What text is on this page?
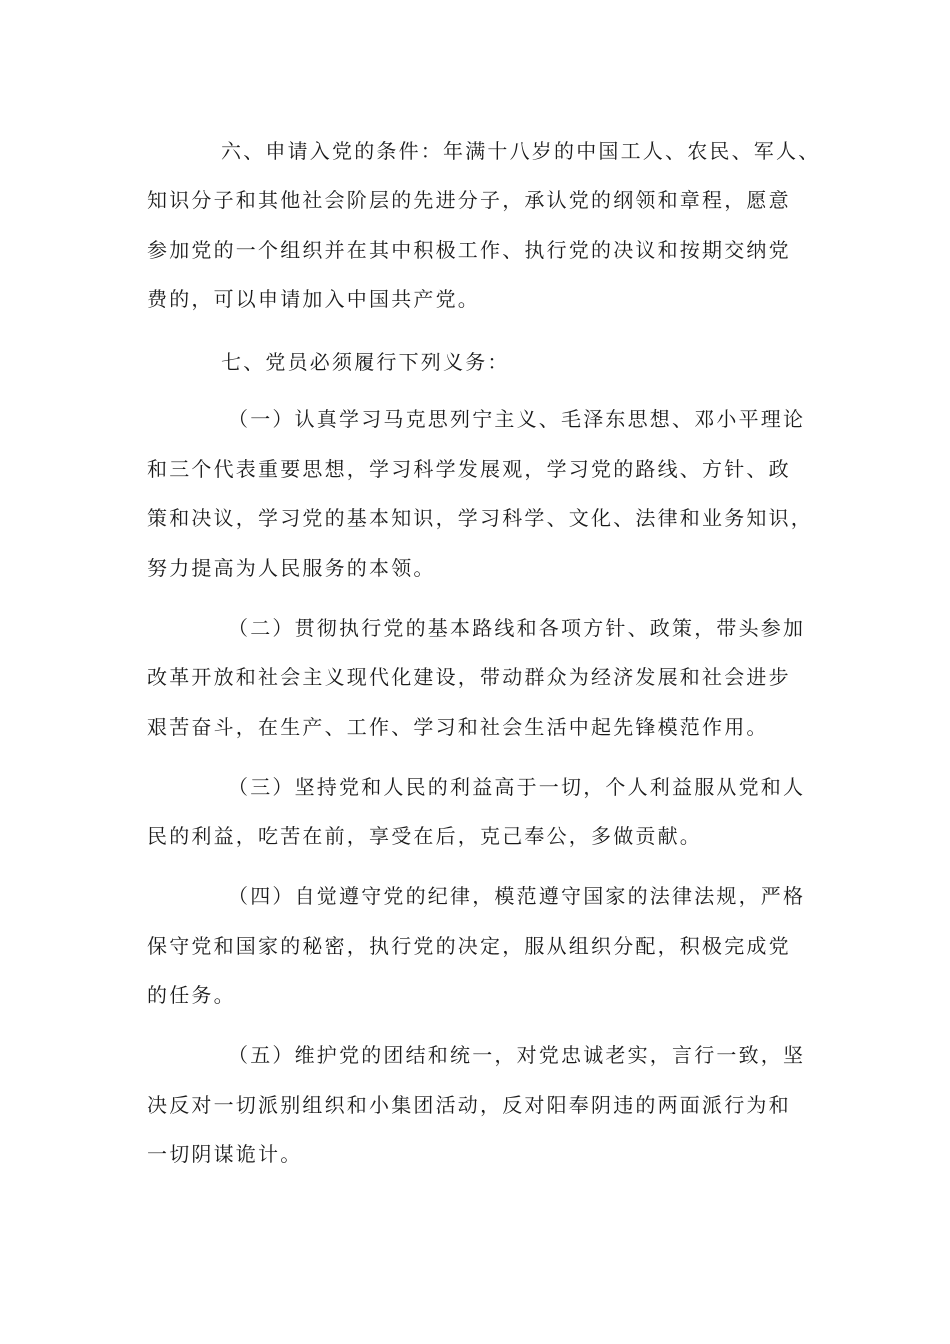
六、申请入党的条件：年满十八岁的中国工人、农民、军人、
知识分子和其他社会阶层的先进分子，承认党的纲领和章程，愿意
参加党的一个组织并在其中积极工作、执行党的决议和按期交纳党
费的，可以申请加入中国共产党。
七、党员必须履行下列义务：
（一）认真学习马克思列宁主义、毛泽东思想、邓小平理论
和三个代表重要思想，学习科学发展观，学习党的路线、方针、政
策和决议，学习党的基本知识，学习科学、文化、法律和业务知识，
努力提高为人民服务的本领。
（二）贯彻执行党的基本路线和各项方针、政策，带头参加
改革开放和社会主义现代化建设，带动群众为经济发展和社会进步
艰苦奋斗，在生产、工作、学习和社会生活中起先锋模范作用。
（三）坚持党和人民的利益高于一切，个人利益服从党和人
民的利益，吃苦在前，享受在后，克己奉公，多做贡献。
（四）自觉遵守党的纪律，模范遵守国家的法律法规，严格
保守党和国家的秘密，执行党的决定，服从组织分配，积极完成党
的任务。
（五）维护党的团结和统一，对党忠诚老实，言行一致，坚
决反对一切派别组织和小集团活动，反对阳奉阴违的两面派行为和
一切阴谋诡计。
